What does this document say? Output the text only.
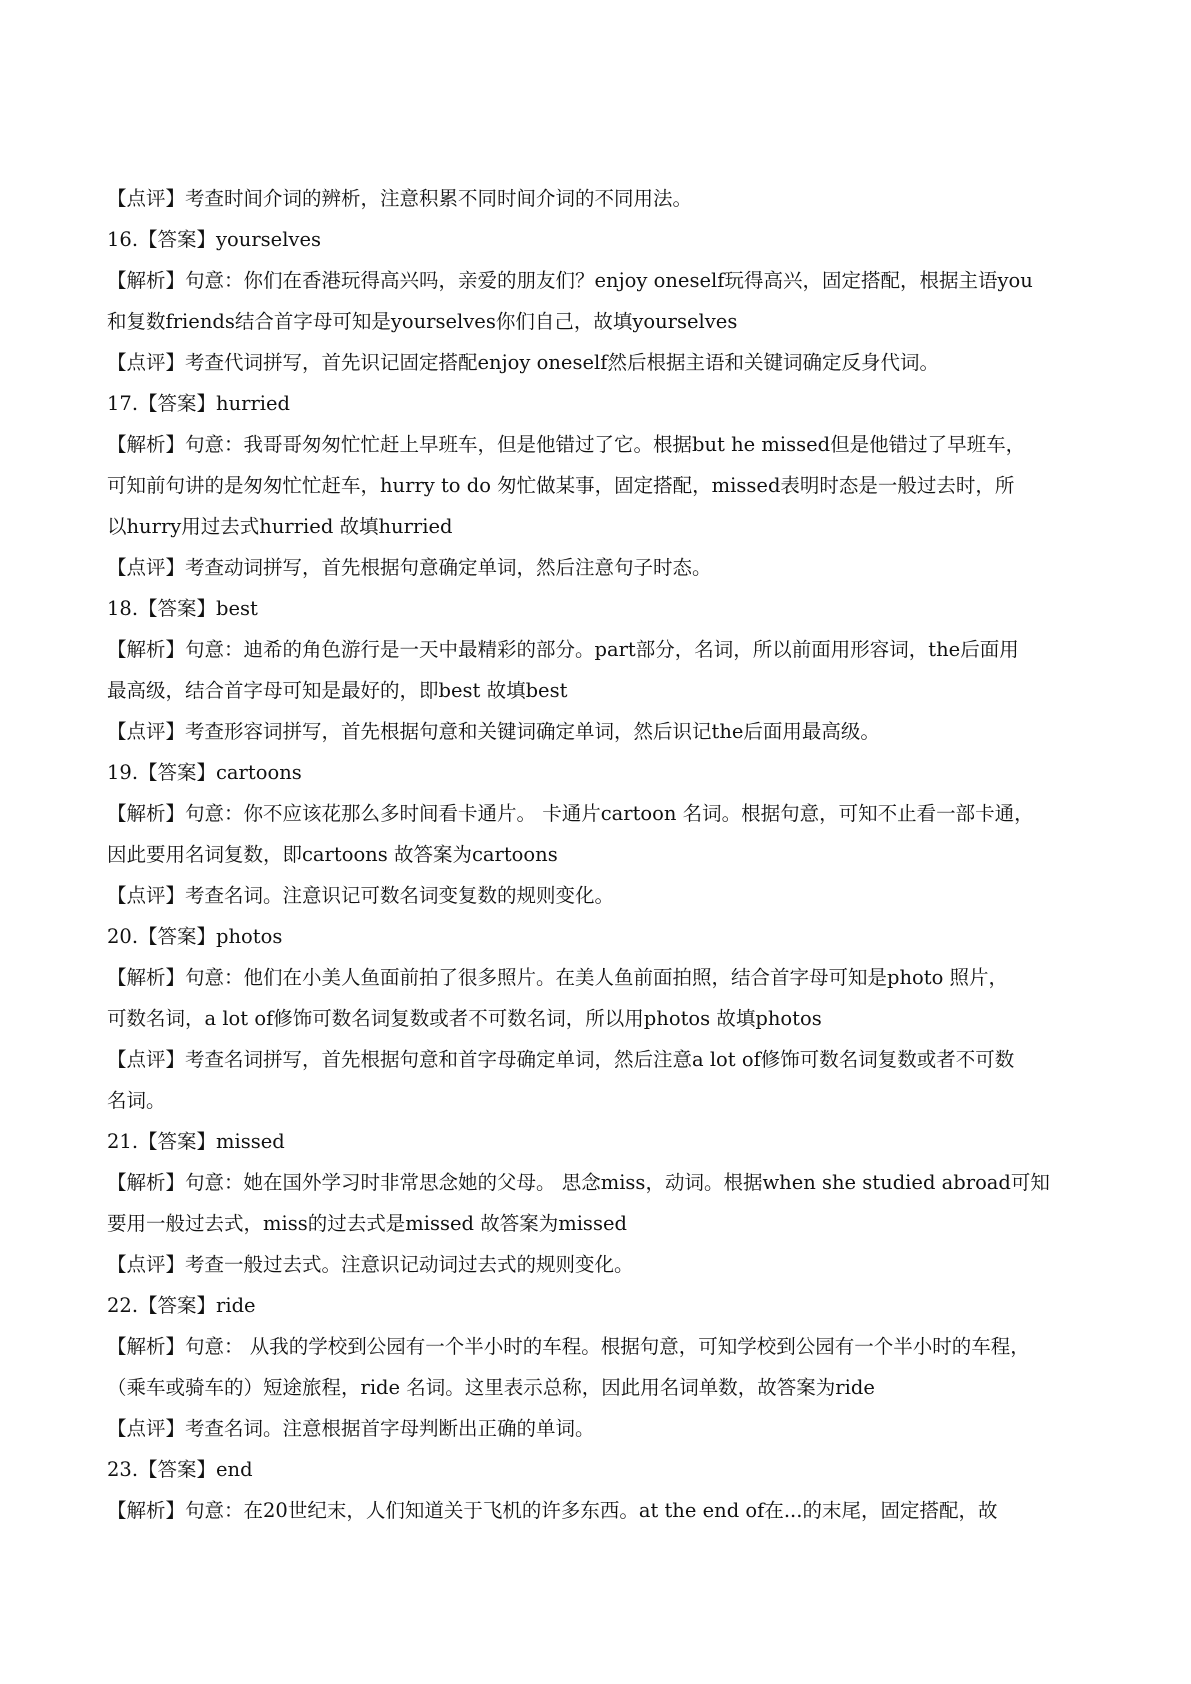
【点评】考查时间介词的辨析，注意积累不同时间介词的不同用法。
16.【答案】yourselves
【解析】句意：你们在香港玩得高兴吗，亲爱的朋友们？enjoy oneself玩得高兴，固定搭配，根据主语you
和复数friends结合首字母可知是yourselves你们自己，故填yourselves
【点评】考查代词拼写，首先识记固定搭配enjoy oneself然后根据主语和关键词确定反身代词。
17.【答案】hurried
【解析】句意：我哥哥匆匆忙忙赶上早班车，但是他错过了它。根据but he missed但是他错过了早班车，
可知前句讲的是匆匆忙忙赶车，hurry to do 匆忙做某事，固定搭配，missed表明时态是一般过去时，所
以hurry用过去式hurried 故填hurried
【点评】考查动词拼写，首先根据句意确定单词，然后注意句子时态。
18.【答案】best
【解析】句意：迪希的角色游行是一天中最精彩的部分。part部分，名词，所以前面用形容词，the后面用
最高级，结合首字母可知是最好的，即best 故填best
【点评】考查形容词拼写，首先根据句意和关键词确定单词，然后识记the后面用最高级。
19.【答案】cartoons
【解析】句意：你不应该花那么多时间看卡通片。 卡通片cartoon 名词。根据句意，可知不止看一部卡通，
因此要用名词复数，即cartoons 故答案为cartoons
【点评】考查名词。注意识记可数名词变复数的规则变化。
20.【答案】photos
【解析】句意：他们在小美人鱼面前拍了很多照片。在美人鱼前面拍照，结合首字母可知是photo 照片，
可数名词，a lot of修饰可数名词复数或者不可数名词，所以用photos 故填photos
【点评】考查名词拼写，首先根据句意和首字母确定单词，然后注意a lot of修饰可数名词复数或者不可数
名词。
21.【答案】missed
【解析】句意：她在国外学习时非常思念她的父母。 思念miss，动词。根据when she studied abroad可知
要用一般过去式，miss的过去式是missed 故答案为missed
【点评】考查一般过去式。注意识记动词过去式的规则变化。
22.【答案】ride
【解析】句意： 从我的学校到公园有一个半小时的车程。根据句意，可知学校到公园有一个半小时的车程，
（乘车或骑车的）短途旅程，ride 名词。这里表示总称，因此用名词单数，故答案为ride
【点评】考查名词。注意根据首字母判断出正确的单词。
23.【答案】end
【解析】句意：在20世纪末，人们知道关于飞机的许多东西。at the end of在...的末尾，固定搭配，故
